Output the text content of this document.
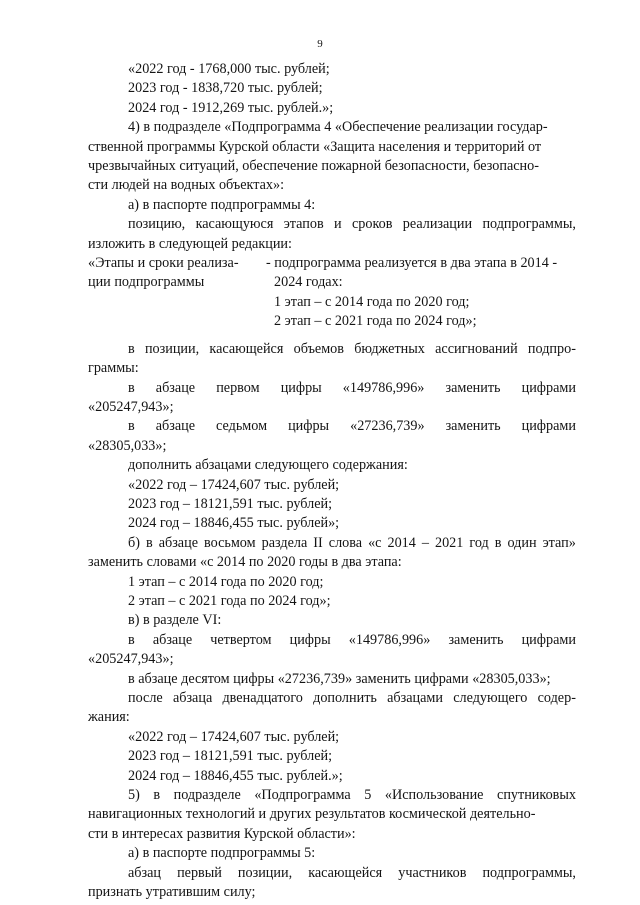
9
«2022 год - 1768,000 тыс. рублей;
2023 год - 1838,720 тыс. рублей;
2024 год - 1912,269 тыс. рублей.»;
4) в подразделе «Подпрограмма 4 «Обеспечение реализации государ-
ственной программы Курской области «Защита населения и территорий от
чрезвычайных ситуаций, обеспечение пожарной безопасности, безопасно-
сти людей на водных объектах»:
а) в паспорте подпрограммы 4:
позицию, касающуюся этапов и сроков реализации подпрограммы,
изложить в следующей редакции:
«Этапы и сроки реализа-
ции подпрограммы
- подпрограмма реализуется в два этапа в 2014 -
2024 годах:
1 этап – с 2014 года по 2020 год;
2 этап – с 2021 года по 2024 год»;
в позиции, касающейся объемов бюджетных ассигнований подпро-
граммы:
в абзаце первом цифры «149786,996» заменить цифрами
«205247,943»;
в абзаце седьмом цифры «27236,739» заменить цифрами
«28305,033»;
дополнить абзацами следующего содержания:
«2022 год – 17424,607 тыс. рублей;
2023 год – 18121,591 тыс. рублей;
2024 год – 18846,455 тыс. рублей»;
б) в абзаце восьмом раздела II слова «с 2014 – 2021 год в один этап»
заменить словами «с 2014 по 2020 годы в два этапа:
1 этап – с 2014 года по 2020 год;
2 этап – с 2021 года по 2024 год»;
в) в разделе VI:
в абзаце четвертом цифры «149786,996» заменить цифрами
«205247,943»;
в абзаце десятом цифры «27236,739» заменить цифрами «28305,033»;
после абзаца двенадцатого дополнить абзацами следующего содер-
жания:
«2022 год – 17424,607 тыс. рублей;
2023 год – 18121,591 тыс. рублей;
2024 год – 18846,455 тыс. рублей.»;
5) в подразделе «Подпрограмма 5 «Использование спутниковых
навигационных технологий и других результатов космической деятельно-
сти в интересах развития Курской области»:
а) в паспорте подпрограммы 5:
абзац первый позиции, касающейся участников подпрограммы,
признать утратившим силу;
